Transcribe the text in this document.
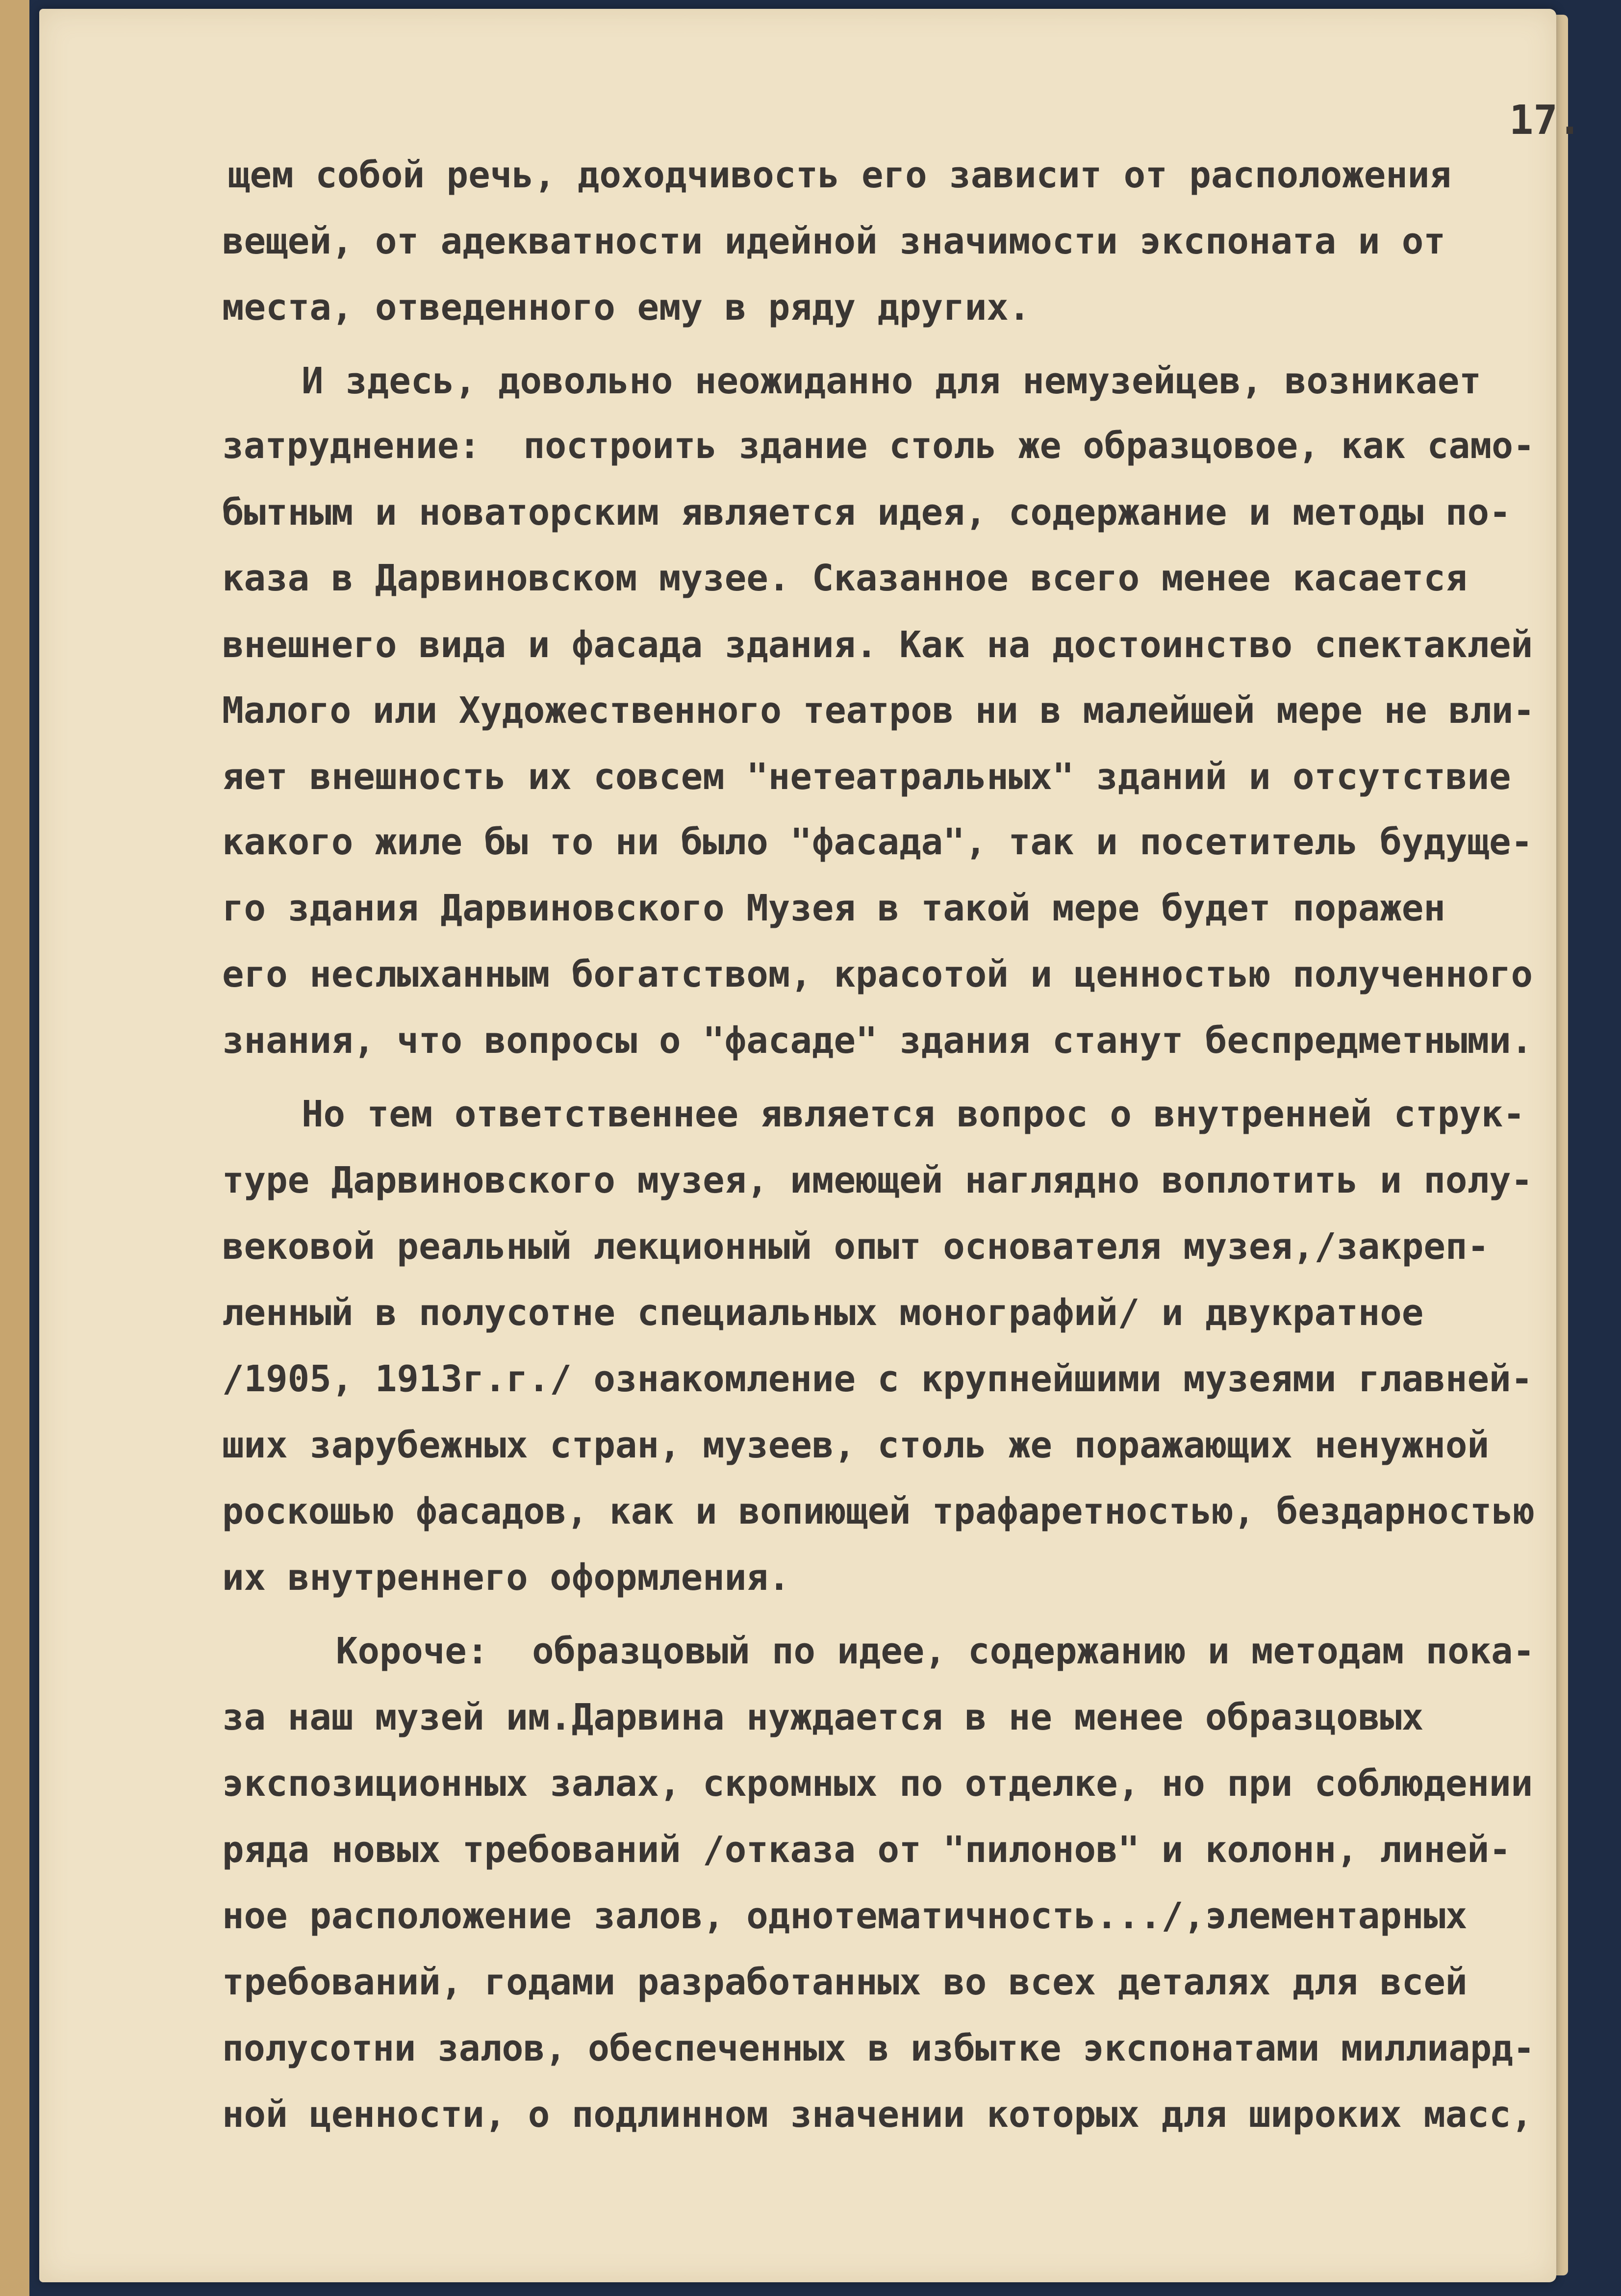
17.
щем собой речь, доходчивость его зависит от расположения
вещей, от адекватности идейной значимости экспоната и от
места, отведенного ему в ряду других.
И здесь, довольно неожиданно для немузейцев, возникает
затруднение:  построить здание столь же образцовое, как само-
бытным и новаторским является идея, содержание и методы по-
каза в Дарвиновском музее. Сказанное всего менее касается
внешнего вида и фасада здания. Как на достоинство спектаклей
Малого или Художественного театров ни в малейшей мере не вли-
яет внешность их совсем "нетеатральных" зданий и отсутствие
какого жиле бы то ни было "фасада", так и посетитель будуще-
го здания Дарвиновского Музея в такой мере будет поражен
его неслыханным богатством, красотой и ценностью полученного
знания, что вопросы о "фасаде" здания станут беспредметными.
Но тем ответственнее является вопрос о внутренней струк-
туре Дарвиновского музея, имеющей наглядно воплотить и полу-
вековой реальный лекционный опыт основателя музея,/закреп-
ленный в полусотне специальных монографий/ и двукратное
/1905, 1913г.г./ ознакомление с крупнейшими музеями главней-
ших зарубежных стран, музеев, столь же поражающих ненужной
роскошью фасадов, как и вопиющей трафаретностью, бездарностью
их внутреннего оформления.
Короче:  образцовый по идее, содержанию и методам пока-
за наш музей им.Дарвина нуждается в не менее образцовых
экспозиционных залах, скромных по отделке, но при соблюдении
ряда новых требований /отказа от "пилонов" и колонн, линей-
ное расположение залов, однотематичность.../,элементарных
требований, годами разработанных во всех деталях для всей
полусотни залов, обеспеченных в избытке экспонатами миллиард-
ной ценности, о подлинном значении которых для широких масс,
